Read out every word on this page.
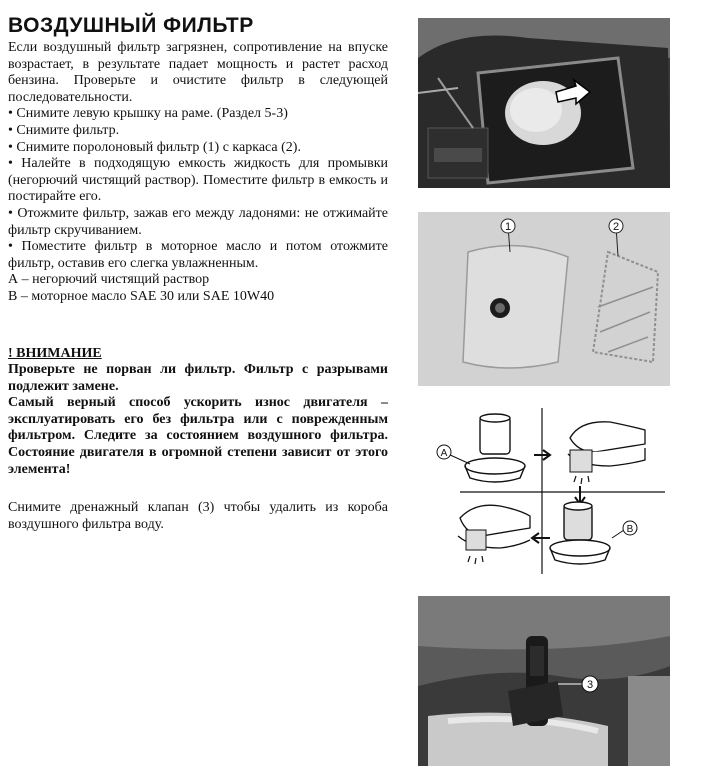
ВОЗДУШНЫЙ ФИЛЬТР

Если воздушный фильтр загрязнен, сопротивление на впуске возрастает, в результате падает мощность и растет расход бензина. Проверьте и очистите фильтр в следующей последовательности.

• Снимите левую крышку на раме. (Раздел 5-3)

• Снимите фильтр.

• Снимите поролоновый фильтр (1) с каркаса (2).

• Налейте в подходящую емкость жидкость для промывки (негорючий чистящий раствор). Поместите фильтр в емкость и постирайте его.

• Отожмите фильтр, зажав его между ладонями: не отжимайте фильтр скручиванием.

• Поместите фильтр в моторное масло и потом отожмите фильтр, оставив его слегка увлажненным.

А – негорючий чистящий раствор

В – моторное масло SAE 30 или SAE 10W40

! ВНИМАНИЕ

Проверьте не порван ли фильтр. Фильтр с разрывами подлежит замене.

Самый верный способ ускорить износ двигателя – эксплуатировать его без фильтра или с поврежденным фильтром. Следите за состоянием воздушного фильтра. Состояние двигателя в огромной степени зависит от этого элемента!

Снимите дренажный клапан (3) чтобы удалить из короба воздушного фильтра воду.
1	2
A
B
3
